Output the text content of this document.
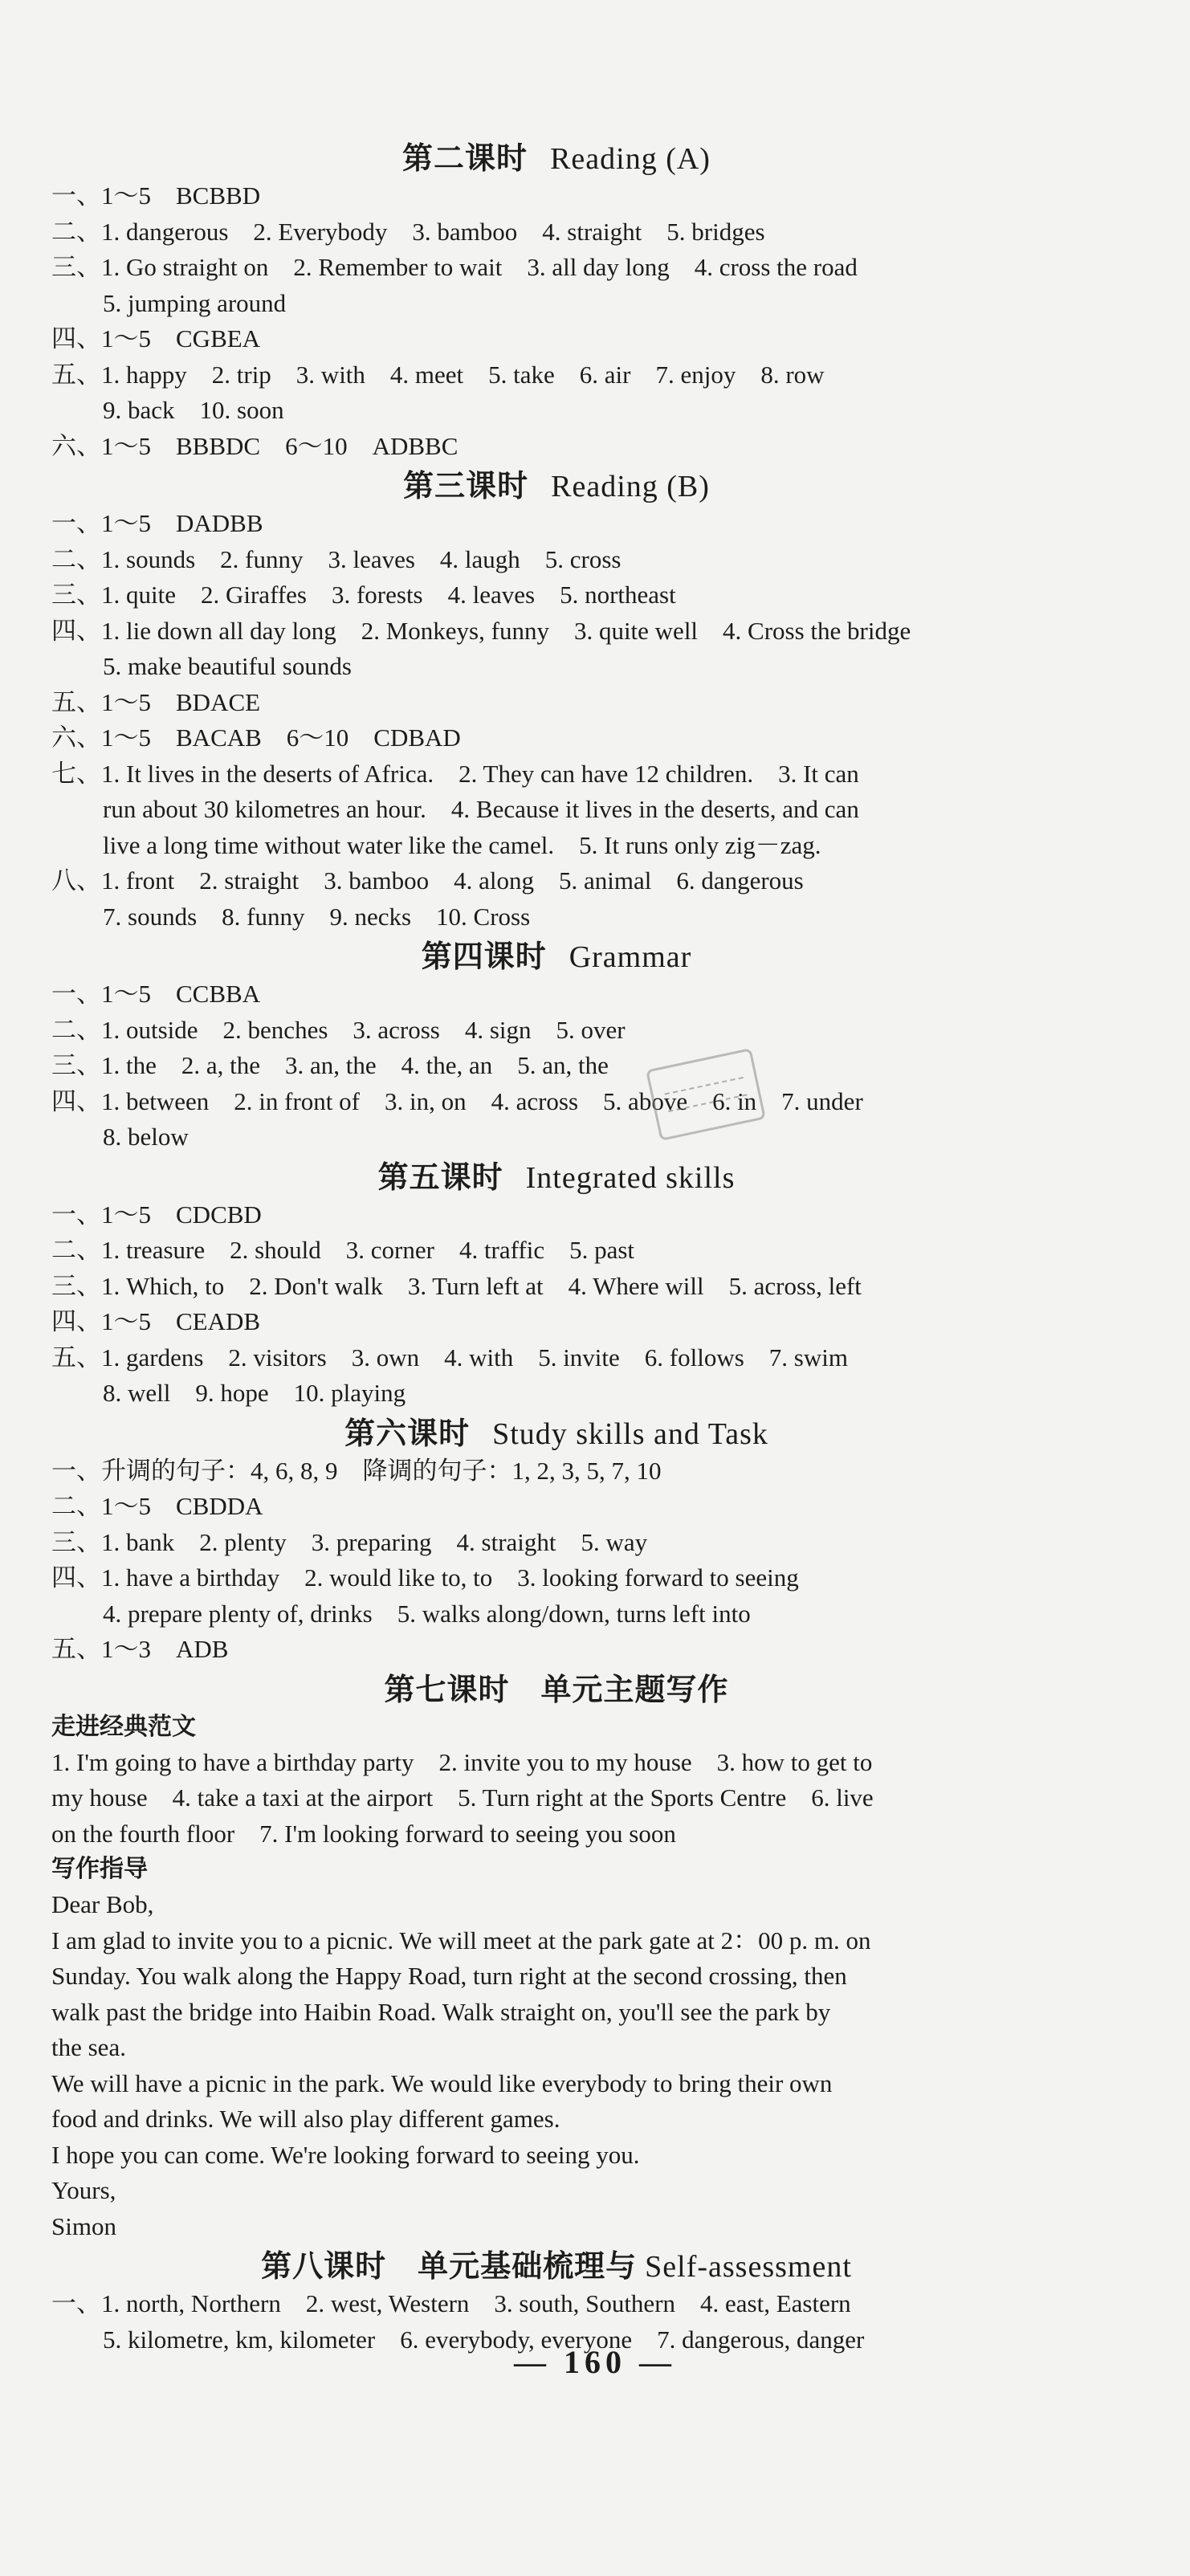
第二课时 Reading (A)
一、1～5　BCBBD
二、1. dangerous　2. Everybody　3. bamboo　4. straight　5. bridges
三、1. Go straight on　2. Remember to wait　3. all day long　4. cross the road
5. jumping around
四、1～5　CGBEA
五、1. happy　2. trip　3. with　4. meet　5. take　6. air　7. enjoy　8. row
9. back　10. soon
六、1～5　BBBDC　6～10　ADBBC
第三课时 Reading (B)
一、1～5　DADBB
二、1. sounds　2. funny　3. leaves　4. laugh　5. cross
三、1. quite　2. Giraffes　3. forests　4. leaves　5. northeast
四、1. lie down all day long　2. Monkeys, funny　3. quite well　4. Cross the bridge
5. make beautiful sounds
五、1～5　BDACE
六、1～5　BACAB　6～10　CDBAD
七、1. It lives in the deserts of Africa.　2. They can have 12 children.　3. It can
run about 30 kilometres an hour.　4. Because it lives in the deserts, and can
live a long time without water like the camel.　5. It runs only zig－zag.
八、1. front　2. straight　3. bamboo　4. along　5. animal　6. dangerous
7. sounds　8. funny　9. necks　10. Cross
第四课时 Grammar
一、1～5　CCBBA
二、1. outside　2. benches　3. across　4. sign　5. over
三、1. the　2. a, the　3. an, the　4. the, an　5. an, the
四、1. between　2. in front of　3. in, on　4. across　5. above　6. in　7. under
8. below
第五课时 Integrated skills
一、1～5　CDCBD
二、1. treasure　2. should　3. corner　4. traffic　5. past
三、1. Which, to　2. Don't walk　3. Turn left at　4. Where will　5. across, left
四、1～5　CEADB
五、1. gardens　2. visitors　3. own　4. with　5. invite　6. follows　7. swim
8. well　9. hope　10. playing
第六课时 Study skills and Task
一、升调的句子：4, 6, 8, 9　降调的句子：1, 2, 3, 5, 7, 10
二、1～5　CBDDA
三、1. bank　2. plenty　3. preparing　4. straight　5. way
四、1. have a birthday　2. would like to, to　3. looking forward to seeing
4. prepare plenty of, drinks　5. walks along/down, turns left into
五、1～3　ADB
第七课时　单元主题写作
走进经典范文
1. I'm going to have a birthday party　2. invite you to my house　3. how to get to
my house　4. take a taxi at the airport　5. Turn right at the Sports Centre　6. live
on the fourth floor　7. I'm looking forward to seeing you soon
写作指导
Dear Bob,
I am glad to invite you to a picnic. We will meet at the park gate at 2：00 p. m. on
Sunday. You walk along the Happy Road, turn right at the second crossing, then
walk past the bridge into Haibin Road. Walk straight on, you'll see the park by
the sea.
We will have a picnic in the park. We would like everybody to bring their own
food and drinks. We will also play different games.
I hope you can come. We're looking forward to seeing you.
Yours,
Simon
第八课时　单元基础梳理与 Self-assessment
一、1. north, Northern　2. west, Western　3. south, Southern　4. east, Eastern
5. kilometre, km, kilometer　6. everybody, everyone　7. dangerous, danger
— 160 —
